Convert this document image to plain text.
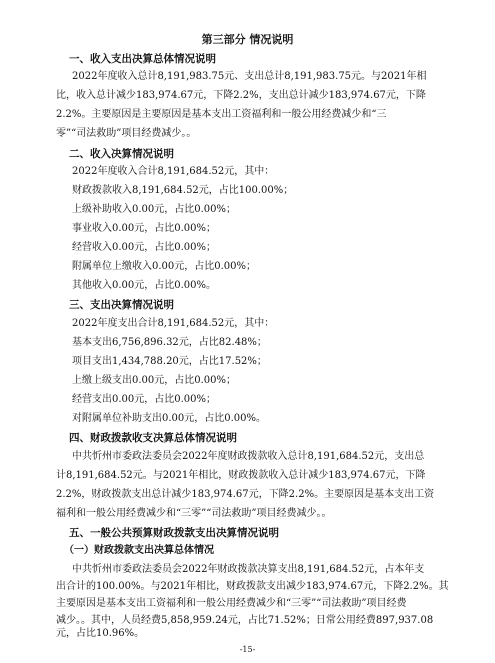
第三部分 情况说明
一、收入支出决算总体情况说明
2022年度收入总计8,191,983.75元、支出总计8,191,983.75元。与2021年相
比，收入总计减少183,974.67元，下降2.2%，支出总计减少183,974.67元，下降
2.2%。主要原因是主要原因是基本支出工资福利和一般公用经费减少和“三
零”“司法救助”项目经费减少。。
二、收入决算情况说明
2022年度收入合计8,191,684.52元，其中：
财政拨款收入8,191,684.52元，占比100.00%；
上级补助收入0.00元，占比0.00%；
事业收入0.00元，占比0.00%；
经营收入0.00元，占比0.00%；
附属单位上缴收入0.00元，占比0.00%；
其他收入0.00元，占比0.00%。
三、支出决算情况说明
2022年度支出合计8,191,684.52元，其中：
基本支出6,756,896.32元，占比82.48%；
项目支出1,434,788.20元，占比17.52%；
上缴上级支出0.00元，占比0.00%；
经营支出0.00元，占比0.00%；
对附属单位补助支出0.00元，占比0.00%。
四、财政拨款收支决算总体情况说明
中共忻州市委政法委员会2022年度财政拨款收入总计8,191,684.52元，支出总
计8,191,684.52元。与2021年相比，财政拨款收入总计减少183,974.67元，下降
2.2%，财政拨款支出总计减少183,974.67元，下降2.2%。主要原因是基本支出工资
福利和一般公用经费减少和“三零”“司法救助”项目经费减少。。
五、一般公共预算财政拨款支出决算情况说明
（一）财政拨款支出决算总体情况
中共忻州市委政法委员会2022年财政拨款决算支出8,191,684.52元，占本年支
出合计的100.00%。与2021年相比，财政拨款支出减少183,974.67元，下降2.2%。其
主要原因是基本支出工资福利和一般公用经费减少和“三零”“司法救助”项目经费
减少。。其中，人员经费5,858,959.24元，占比71.52%；日常公用经费897,937.08
元，占比10.96%。
-15-
